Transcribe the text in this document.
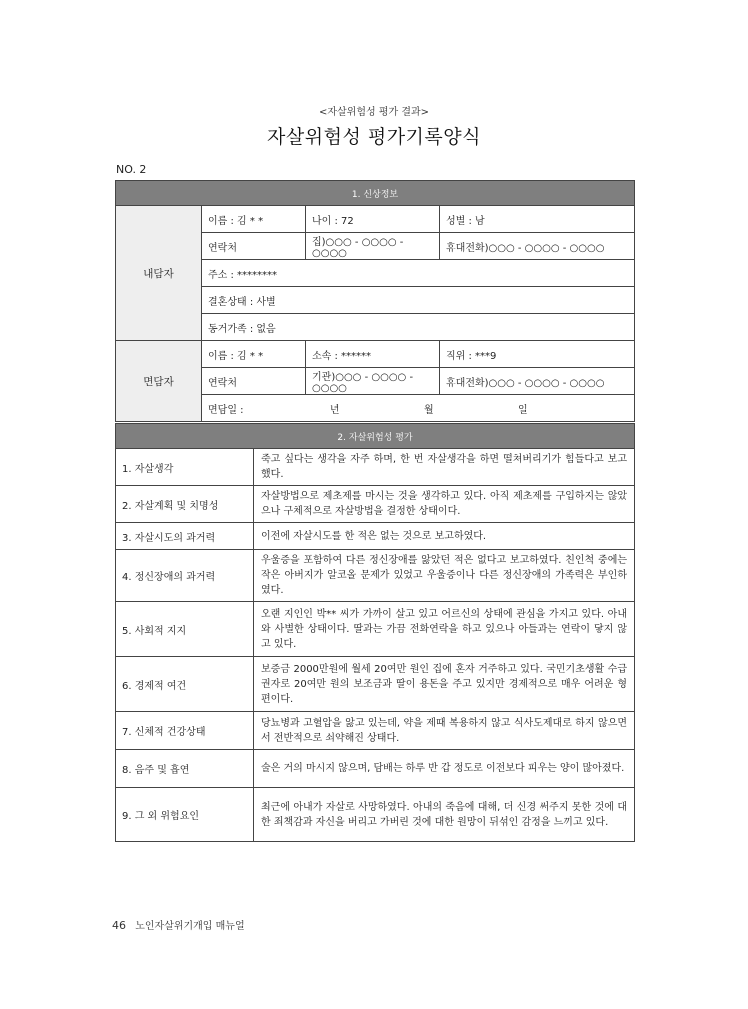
<자살위험성 평가 결과>
자살위험성 평가기록양식
NO. 2
1. 신상정보			
내담자	이름 : 김 * *	나이 : 72	성별 : 남
	연락처	집)○○○ - ○○○○ - ○○○○	휴대전화)○○○ - ○○○○ - ○○○○
	주소 : ********		
	결혼상태 : 사별		
	동거가족 : 없음		
면담자	이름 : 김 * *	소속 : ******	직위 : ***9
	연락처	기관)○○○ - ○○○○ - ○○○○	휴대전화)○○○ - ○○○○ - ○○○○
	면담일 : 년 월 일		
2. 자살위험성 평가	
1. 자살생각	죽고 싶다는 생각을 자주 하며, 한 번 자살생각을 하면 떨쳐버리기가 힘들다고 보고했다.
2. 자살계획 및 치명성	자살방법으로 제초제를 마시는 것을 생각하고 있다. 아직 제초제를 구입하지는 않았으나 구체적으로 자살방법을 결정한 상태이다.
3. 자살시도의 과거력	이전에 자살시도를 한 적은 없는 것으로 보고하였다.
4. 정신장애의 과거력	우울증을 포함하여 다른 정신장애를 앓았던 적은 없다고 보고하였다. 친인척 중에는 작은 아버지가 알코올 문제가 있었고 우울증이나 다른 정신장애의 가족력은 부인하였다.
5. 사회적 지지	오랜 지인인 박** 씨가 가까이 살고 있고 어르신의 상태에 관심을 가지고 있다. 아내와 사별한 상태이다. 딸과는 가끔 전화연락을 하고 있으나 아들과는 연락이 닿지 않고 있다.
6. 경제적 여건	보증금 2000만원에 월세 20여만 원인 집에 혼자 거주하고 있다. 국민기초생활 수급권자로 20여만 원의 보조금과 딸이 용돈을 주고 있지만 경제적으로 매우 어려운 형편이다.
7. 신체적 건강상태	당뇨병과 고혈압을 앓고 있는데, 약을 제때 복용하지 않고 식사도제대로 하지 않으면서 전반적으로 쇠약해진 상태다.
8. 음주 및 흡연	술은 거의 마시지 않으며, 담배는 하루 반 갑 정도로 이전보다 피우는 양이 많아졌다.
9. 그 외 위험요인	최근에 아내가 자살로 사망하였다. 아내의 죽음에 대해, 더 신경 써주지 못한 것에 대한 죄책감과 자신을 버리고 가버린 것에 대한 원망이 뒤섞인 감정을 느끼고 있다.
46 노인자살위기개입 매뉴얼
